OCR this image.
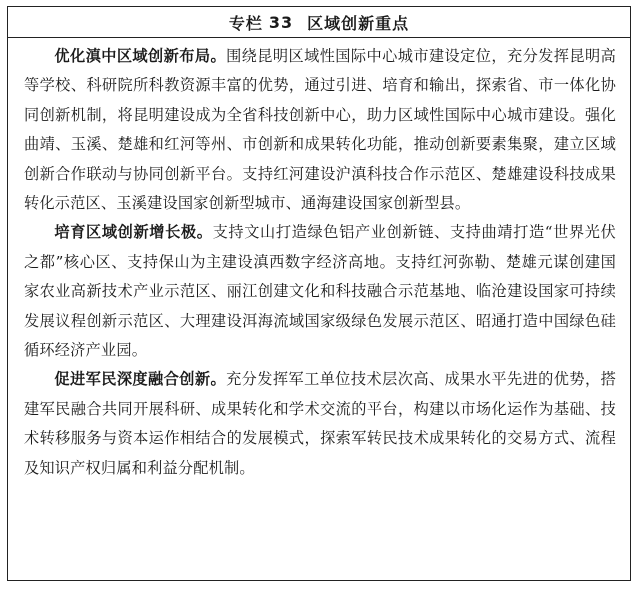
专栏 33 区域创新重点

优化滇中区域创新布局。围绕昆明区域性国际中心城市建设定位，充分发挥昆明高等学校、科研院所科教资源丰富的优势，通过引进、培育和输出，探索省、市一体化协同创新机制，将昆明建设成为全省科技创新中心，助力区域性国际中心城市建设。强化曲靖、玉溪、楚雄和红河等州、市创新和成果转化功能，推动创新要素集聚，建立区域创新合作联动与协同创新平台。支持红河建设沪滇科技合作示范区、楚雄建设科技成果转化示范区、玉溪建设国家创新型城市、通海建设国家创新型县。

培育区域创新增长极。支持文山打造绿色铝产业创新链、支持曲靖打造“世界光伏之都”核心区、支持保山为主建设滇西数字经济高地。支持红河弥勒、楚雄元谋创建国家农业高新技术产业示范区、丽江创建文化和科技融合示范基地、临沧建设国家可持续发展议程创新示范区、大理建设洱海流域国家级绿色发展示范区、昭通打造中国绿色硅循环经济产业园。

促进军民深度融合创新。充分发挥军工单位技术层次高、成果水平先进的优势，搭建军民融合共同开展科研、成果转化和学术交流的平台，构建以市场化运作为基础、技术转移服务与资本运作相结合的发展模式，探索军转民技术成果转化的交易方式、流程及知识产权归属和利益分配机制。
